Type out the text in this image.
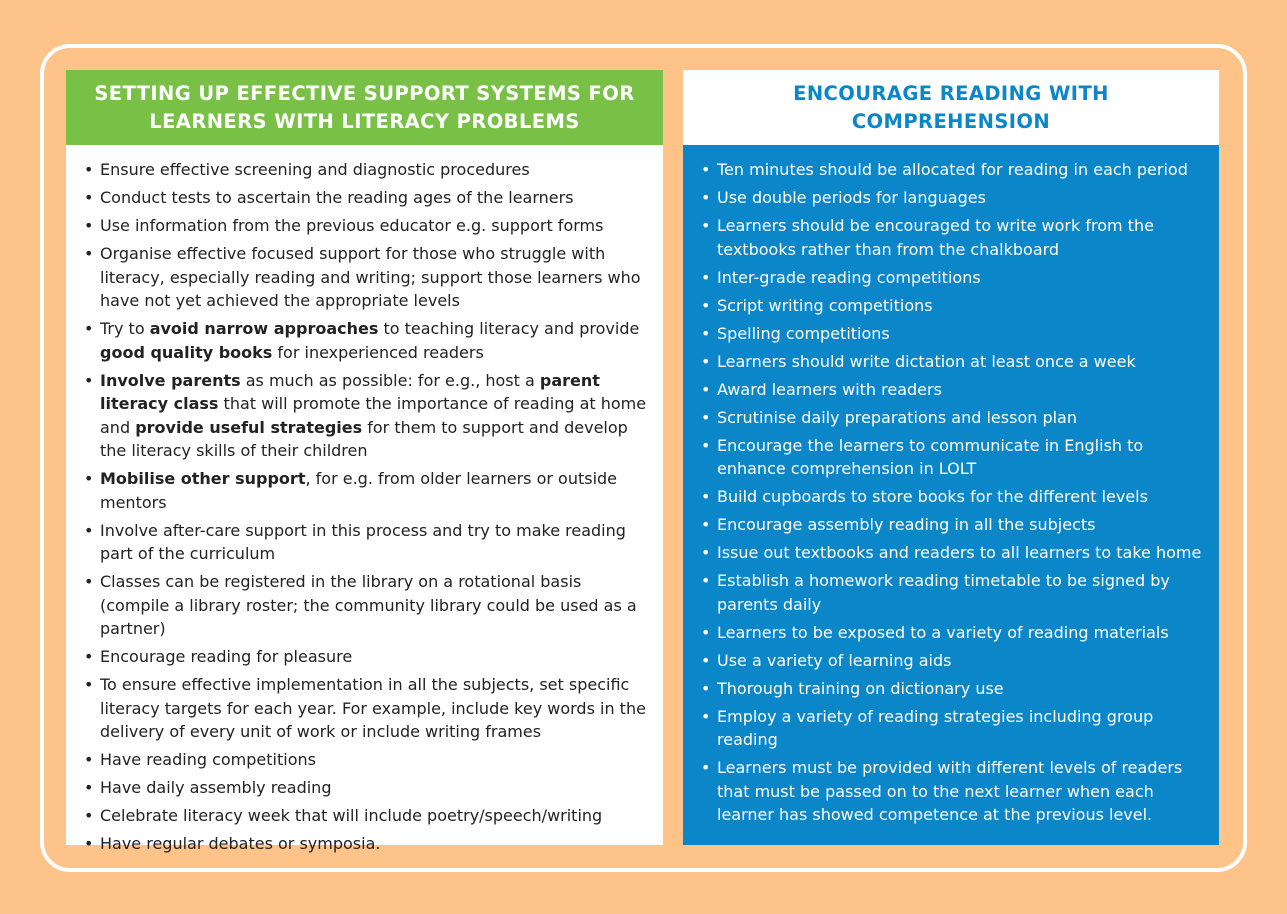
SETTING UP EFFECTIVE SUPPORT SYSTEMS FOR
LEARNERS WITH LITERACY PROBLEMS
• Ensure effective screening and diagnostic procedures
• Conduct tests to ascertain the reading ages of the learners
• Use information from the previous educator e.g. support forms
• Organise effective focused support for those who struggle with literacy, especially reading and writing; support those learners who have not yet achieved the appropriate levels
• Try to avoid narrow approaches to teaching literacy and provide good quality books for inexperienced readers
• Involve parents as much as possible: for e.g., host a parent literacy class that will promote the importance of reading at home and provide useful strategies for them to support and develop the literacy skills of their children
• Mobilise other support, for e.g. from older learners or outside mentors
• Involve after-care support in this process and try to make reading part of the curriculum
• Classes can be registered in the library on a rotational basis (compile a library roster; the community library could be used as a partner)
• Encourage reading for pleasure
• To ensure effective implementation in all the subjects, set specific literacy targets for each year. For example, include key words in the delivery of every unit of work or include writing frames
• Have reading competitions
• Have daily assembly reading
• Celebrate literacy week that will include poetry/speech/writing
• Have regular debates or symposia.
ENCOURAGE READING WITH
COMPREHENSION
• Ten minutes should be allocated for reading in each period
• Use double periods for languages
• Learners should be encouraged to write work from the textbooks rather than from the chalkboard
• Inter-grade reading competitions
• Script writing competitions
• Spelling competitions
• Learners should write dictation at least once a week
• Award learners with readers
• Scrutinise daily preparations and lesson plan
• Encourage the learners to communicate in English to enhance comprehension in LOLT
• Build cupboards to store books for the different levels
• Encourage assembly reading in all the subjects
• Issue out textbooks and readers to all learners to take home
• Establish a homework reading timetable to be signed by parents daily
• Learners to be exposed to a variety of reading materials
• Use a variety of learning aids
• Thorough training on dictionary use
• Employ a variety of reading strategies including group reading
• Learners must be provided with different levels of readers that must be passed on to the next learner when each learner has showed competence at the previous level.
